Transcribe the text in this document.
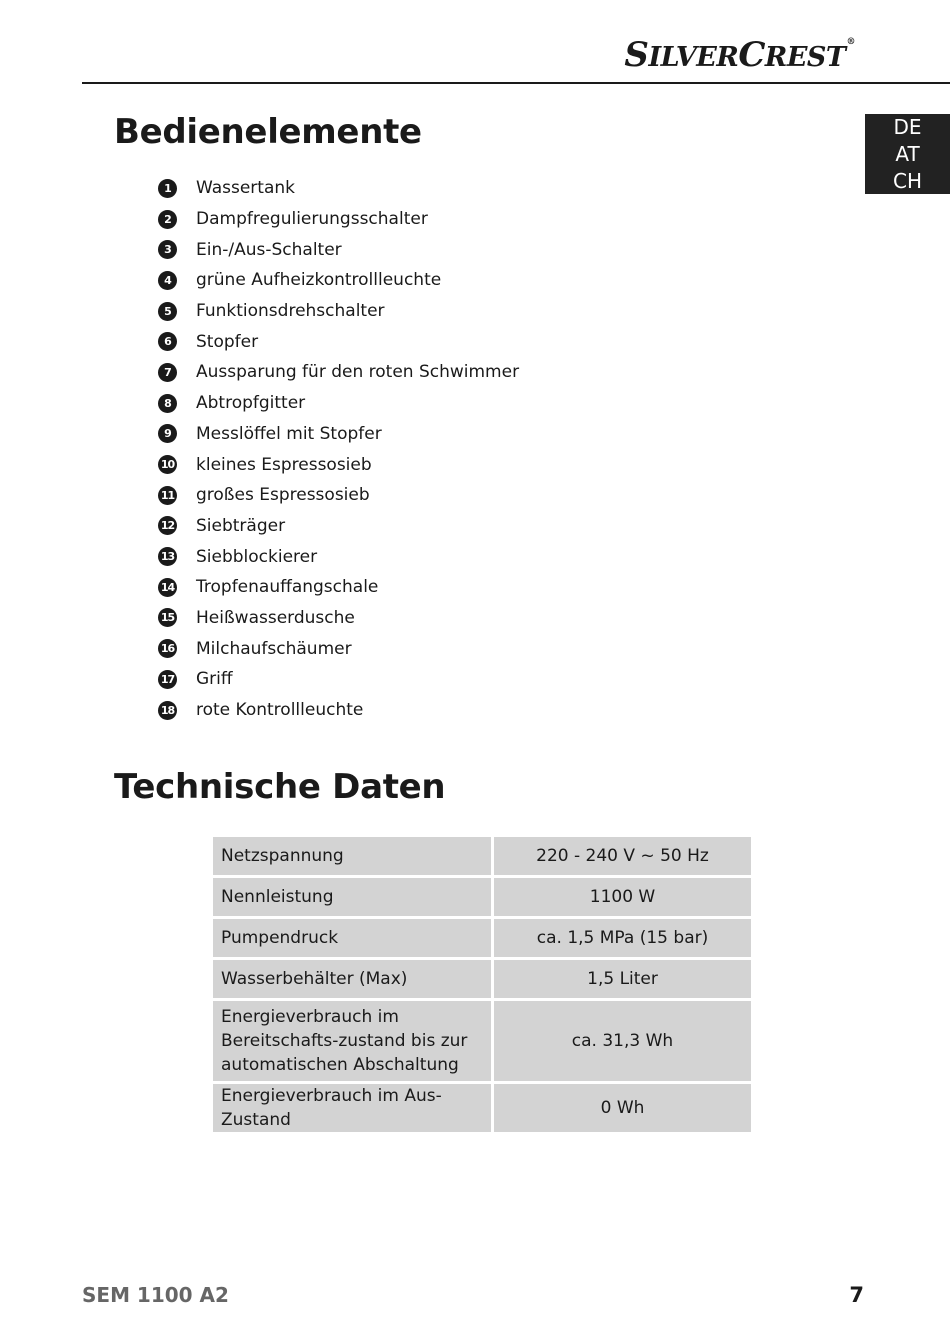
SILVERCREST®
DE
AT
CH
Bedienelemente
1	Wassertank
2	Dampfregulierungsschalter
3	Ein-/Aus-Schalter
4	grüne Aufheizkontrollleuchte
5	Funktionsdrehschalter
6	Stopfer
7	Aussparung für den roten Schwimmer
8	Abtropfgitter
9	Messlöffel mit Stopfer
10 kleines Espressosieb
11 großes Espressosieb
12 Siebträger
13 Siebblockierer
14 Tropfenauffangschale
15 Heißwasserdusche
16 Milchaufschäumer
17 Griff
18 rote Kontrollleuchte
Technische Daten
Netzspannung	220 - 240 V ~ 50 Hz
Nennleistung	1100 W
Pumpendruck	ca. 1,5 MPa (15 bar)
Wasserbehälter (Max)	1,5 Liter
Energieverbrauch im Bereitschafts-zustand bis zur automatischen Abschaltung	ca. 31,3 Wh
Energieverbrauch im Aus-Zustand	0 Wh
SEM 1100 A2	7
